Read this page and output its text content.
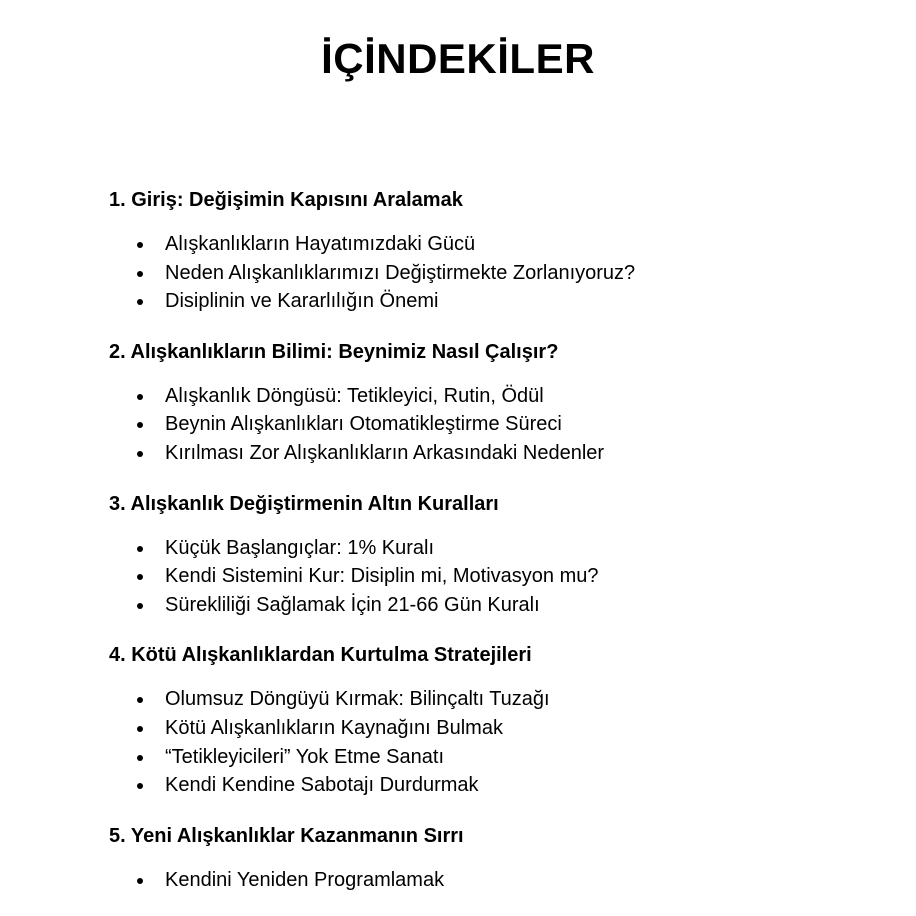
İÇİNDEKİLER
1. Giriş: Değişimin Kapısını Aralamak
Alışkanlıkların Hayatımızdaki Gücü
Neden Alışkanlıklarımızı Değiştirmekte Zorlanıyoruz?
Disiplinin ve Kararlılığın Önemi
2. Alışkanlıkların Bilimi: Beynimiz Nasıl Çalışır?
Alışkanlık Döngüsü: Tetikleyici, Rutin, Ödül
Beynin Alışkanlıkları Otomatikleştirme Süreci
Kırılması Zor Alışkanlıkların Arkasındaki Nedenler
3. Alışkanlık Değiştirmenin Altın Kuralları
Küçük Başlangıçlar: 1% Kuralı
Kendi Sistemini Kur: Disiplin mi, Motivasyon mu?
Sürekliliği Sağlamak İçin 21-66 Gün Kuralı
4. Kötü Alışkanlıklardan Kurtulma Stratejileri
Olumsuz Döngüyü Kırmak: Bilinçaltı Tuzağı
Kötü Alışkanlıkların Kaynağını Bulmak
“Tetikleyicileri” Yok Etme Sanatı
Kendi Kendine Sabotajı Durdurmak
5. Yeni Alışkanlıklar Kazanmanın Sırrı
Kendini Yeniden Programlamak
